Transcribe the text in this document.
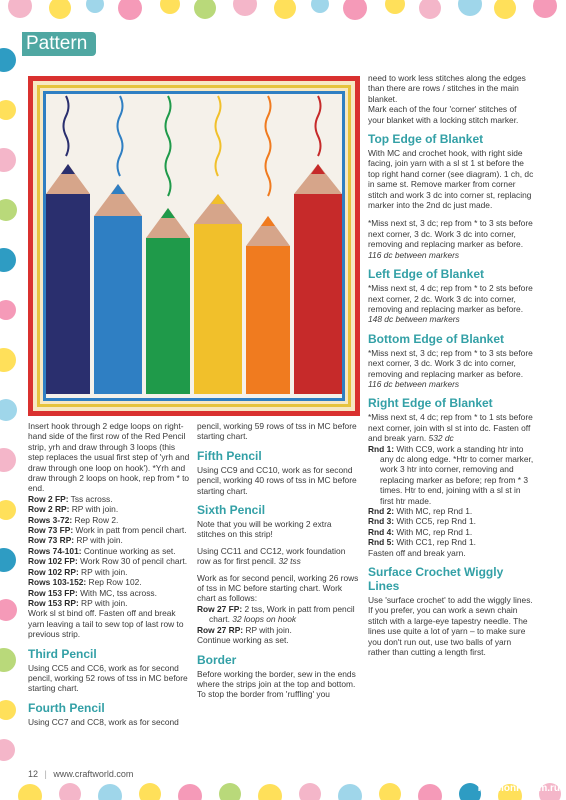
Pattern

Insert hook through 2 edge loops on right-hand side of the first row of the Red Pencil strip, yrh and draw through 3 loops (this step replaces the usual first step of 'yrh and draw through one loop on hook'). *Yrh and draw through 2 loops on hook, rep from * to end.

Row 2 FP: Tss across.

Row 2 RP: RP with join.

Rows 3-72: Rep Row 2.

Row 73 FP: Work in patt from pencil chart.

Row 73 RP: RP with join.

Rows 74-101: Continue working as set.

Row 102 FP: Work Row 30 of pencil chart.

Row 102 RP: RP with join.

Rows 103-152: Rep Row 102.

Row 153 FP: With MC, tss across.

Row 153 RP: RP with join.

Work sl st bind off. Fasten off and break yarn leaving a tail to sew top of last row to previous strip.

Third Pencil

Using CC5 and CC6, work as for second pencil, working 52 rows of tss in MC before starting chart.

Fourth Pencil

Using CC7 and CC8, work as for second

pencil, working 59 rows of tss in MC before starting chart.

Fifth Pencil

Using CC9 and CC10, work as for second pencil, working 40 rows of tss in MC before starting chart.

Sixth Pencil

Note that you will be working 2 extra stitches on this strip!

Using CC11 and CC12, work foundation row as for first pencil. 32 tss

Work as for second pencil, working 26 rows of tss in MC before starting chart. Work chart as follows:

Row 27 FP: 2 tss, Work in patt from pencil chart. 32 loops on hook

Row 27 RP: RP with join.

Continue working as set.

Border

Before working the border, sew in the ends where the strips join at the top and bottom.

To stop the border from 'ruffling' you

need to work less stitches along the edges than there are rows / stitches in the main blanket.

Mark each of the four 'corner' stitches of your blanket with a locking stitch marker.

Top Edge of Blanket

With MC and crochet hook, with right side facing, join yarn with a sl st 1 st before the top right hand corner (see diagram). 1 ch, dc in same st. Remove marker from corner stitch and work 3 dc into corner st, replacing marker into the 2nd dc just made.

*Miss next st, 3 dc; rep from * to 3 sts before next corner, 3 dc. Work 3 dc into corner, removing and replacing marker as before. 116 dc between markers

Left Edge of Blanket

*Miss next st, 4 dc; rep from * to 2 sts before next corner, 2 dc. Work 3 dc into corner, removing and replacing marker as before. 148 dc between markers

Bottom Edge of Blanket

*Miss next st, 3 dc; rep from * to 3 sts before next corner, 3 dc. Work 3 dc into corner, removing and replacing marker as before. 116 dc between markers

Right Edge of Blanket

*Miss next st, 4 dc; rep from * to 1 sts before next corner, join with sl st into dc. Fasten off and break yarn. 532 dc

Rnd 1: With CC9, work a standing htr into any dc along edge. *Htr to corner marker, work 3 htr into corner, removing and replacing marker as before; rep from * 3 times. Htr to end, joining with a sl st in first htr made.

Rnd 2: With MC, rep Rnd 1.

Rnd 3: With CC5, rep Rnd 1.

Rnd 4: With MC, rep Rnd 1.

Rnd 5: With CC1, rep Rnd 1.

Fasten off and break yarn.

Surface Crochet Wiggly Lines

Use 'surface crochet' to add the wiggly lines. If you prefer, you can work a sewn chain stitch with a large-eye tapestry needle. The lines use quite a lot of yarn – to make sure you don't run out, use two balls of yarn rather than cutting a length first.

12 | www.craftworld.com
PassionForum.ru
